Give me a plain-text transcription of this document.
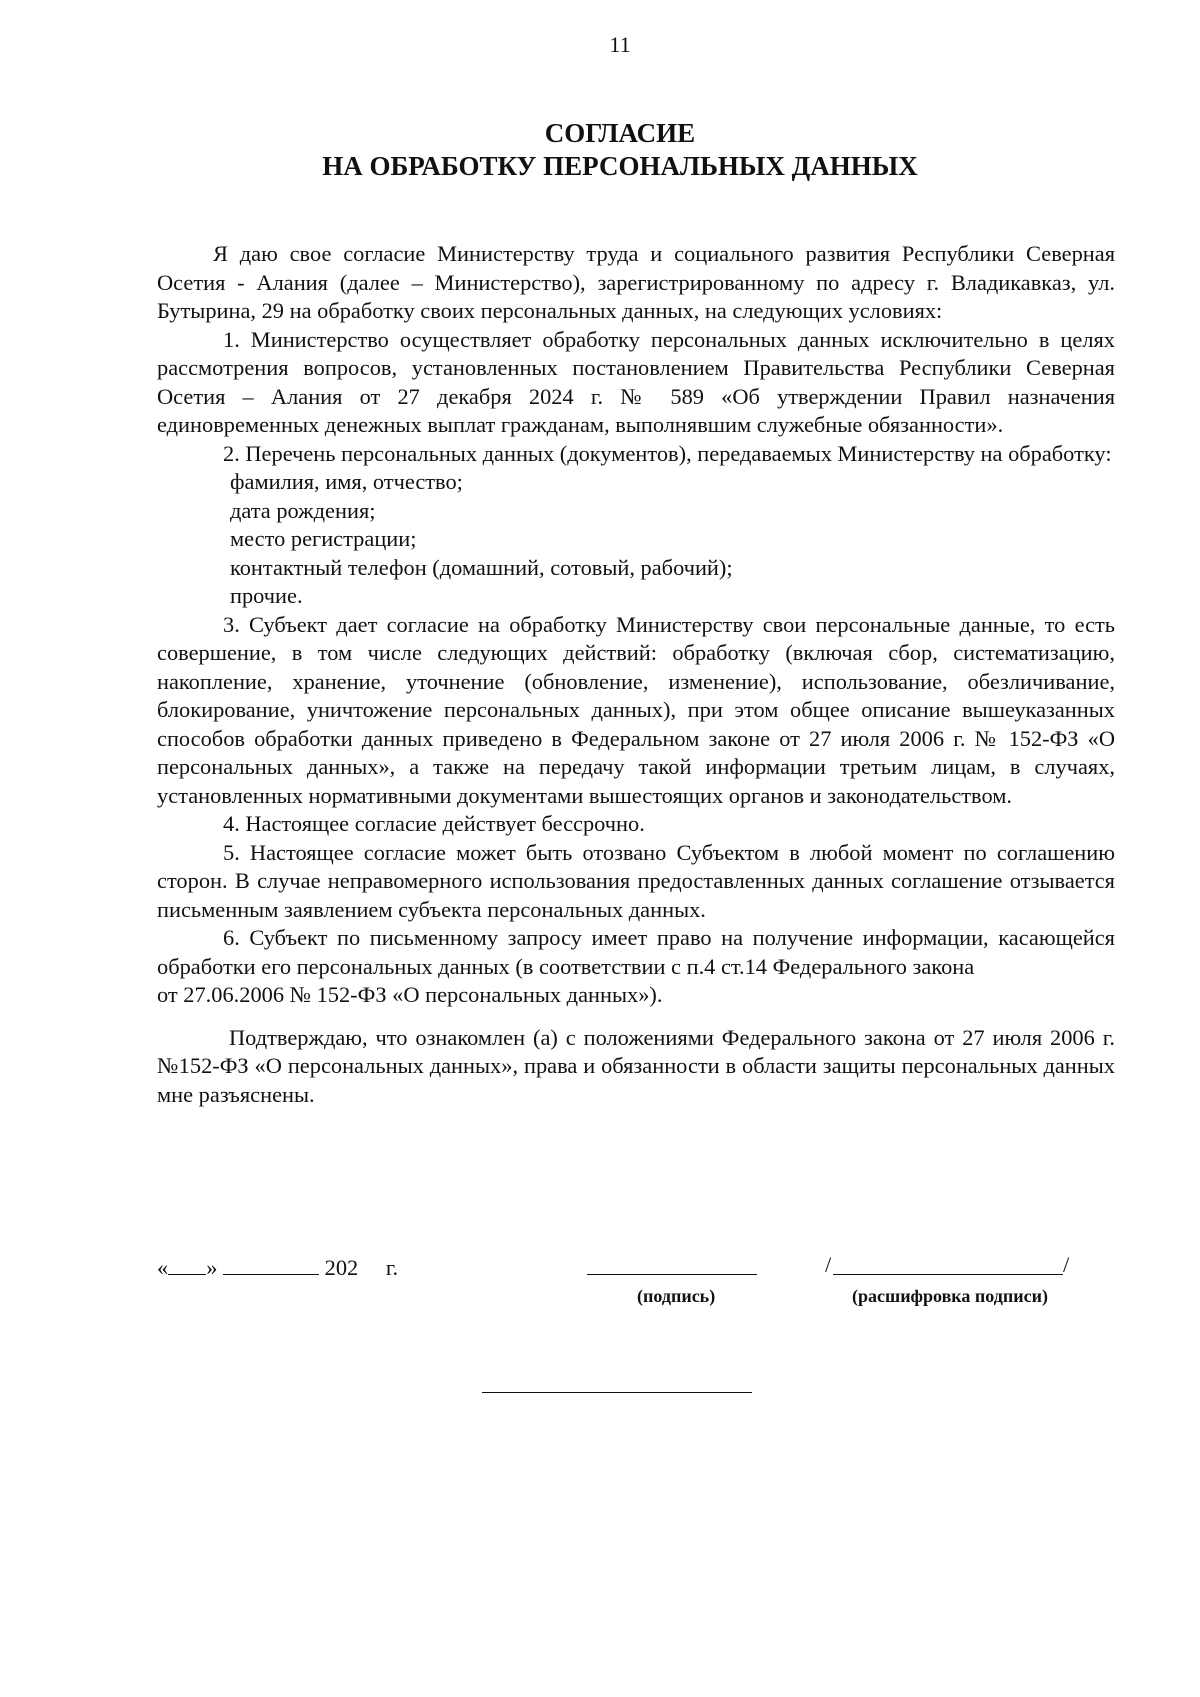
11
СОГЛАСИЕ
НА ОБРАБОТКУ ПЕРСОНАЛЬНЫХ ДАННЫХ

Я даю свое согласие Министерству труда и социального развития Республики Северная Осетия - Алания (далее – Министерство), зарегистрированному по адресу г. Владикавказ, ул. Бутырина, 29 на обработку своих персональных данных, на следующих условиях:

1. Министерство осуществляет обработку персональных данных исключительно в целях рассмотрения вопросов, установленных постановлением Правительства Республики Северная Осетия – Алания от 27 декабря 2024 г. № 589 «Об утверждении Правил назначения единовременных денежных выплат гражданам, выполнявшим служебные обязанности».

2. Перечень персональных данных (документов), передаваемых Министерству на обработку:

фамилия, имя, отчество;
дата рождения;
место регистрации;
контактный телефон (домашний, сотовый, рабочий);
прочие.

3. Субъект дает согласие на обработку Министерству свои персональные данные, то есть совершение, в том числе следующих действий: обработку (включая сбор, систематизацию, накопление, хранение, уточнение (обновление, изменение), использование, обезличивание, блокирование, уничтожение персональных данных), при этом общее описание вышеуказанных способов обработки данных приведено в Федеральном законе от 27 июля 2006 г. № 152-ФЗ «О персональных данных», а также на передачу такой информации третьим лицам, в случаях, установленных нормативными документами вышестоящих органов и законодательством.

4. Настоящее согласие действует бессрочно.

5. Настоящее согласие может быть отозвано Субъектом в любой момент по соглашению сторон. В случае неправомерного использования предоставленных данных соглашение отзывается письменным заявлением субъекта персональных данных.

6. Субъект по письменному запросу имеет право на получение информации, касающейся обработки его персональных данных (в соответствии с п.4 ст.14 Федерального закона

от 27.06.2006 № 152-ФЗ «О персональных данных»).

Подтверждаю, что ознакомлен (а) с положениями Федерального закона от 27 июля 2006 г. №152-ФЗ «О персональных данных», права и обязанности в области защиты персональных данных мне разъяснены.

« »	202 г.
(подпись)
/	/
(расшифровка подписи)
